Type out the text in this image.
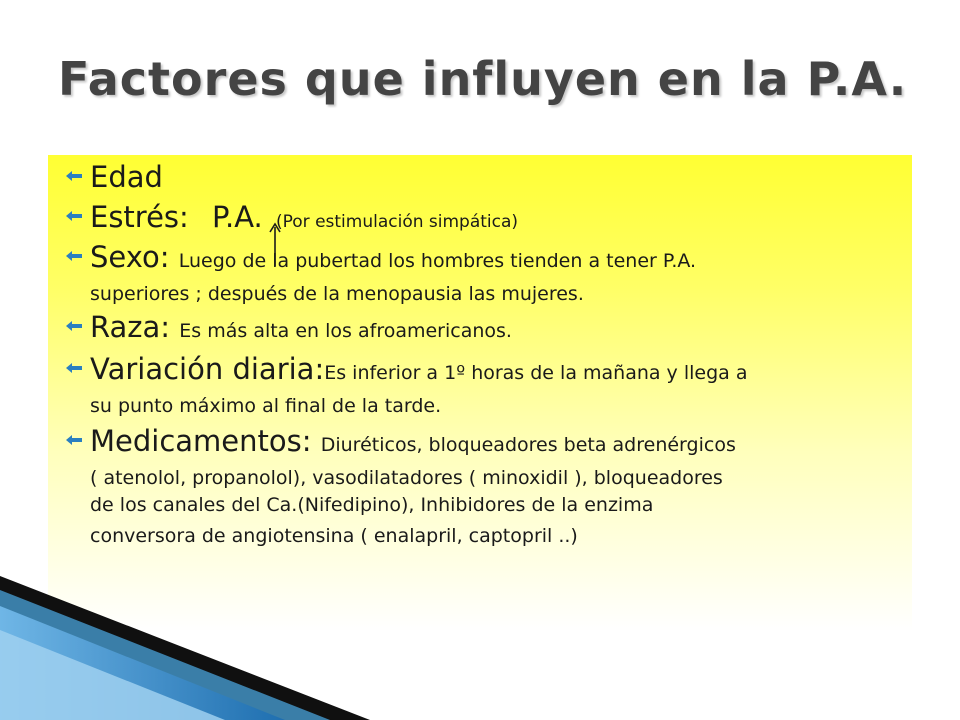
Factores que influyen en la P.A.
Edad
Estrés: P.A. (Por estimulación simpática)
Sexo: Luego de la pubertad los hombres tienden a tener P.A.
superiores ; después de la menopausia las mujeres.
Raza: Es más alta en los afroamericanos.
Variación diaria:Es inferior a 1º horas de la mañana y llega a
su punto máximo al final de la tarde.
Medicamentos: Diuréticos, bloqueadores beta adrenérgicos
( atenolol, propanolol), vasodilatadores ( minoxidil ), bloqueadores
de los canales del Ca.(Nifedipino), Inhibidores de la enzima
conversora de angiotensina ( enalapril, captopril ..)
